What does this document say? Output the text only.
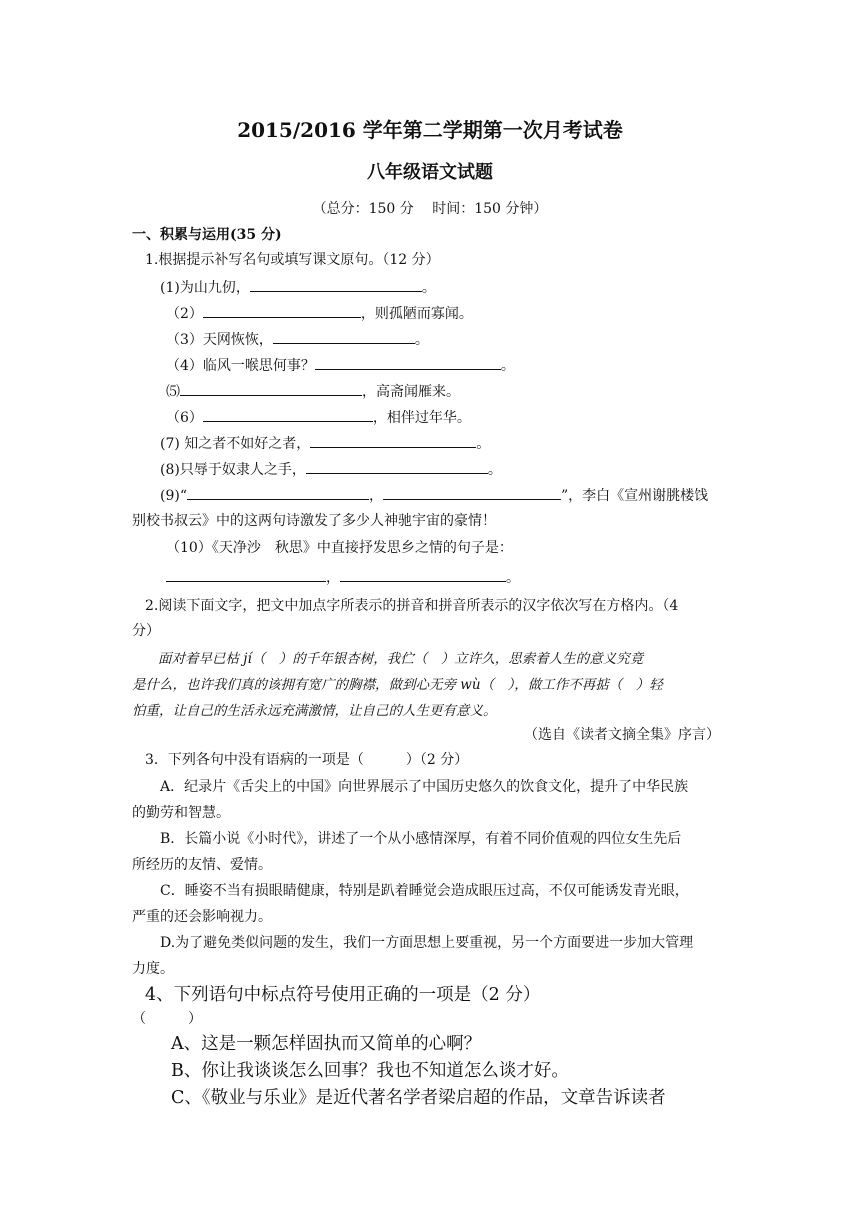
2015/2016 学年第二学期第一次月考试卷
八年级语文试题
（总分：150 分　 时间：150 分钟）
一、积累与运用(35 分)
1.根据提示补写名句或填写课文原句。（12 分）
(1)为山九仞，	。
（2）	，则孤陋而寡闻。
（3）天网恢恢，	。
（4）临风一喉思何事？	。
⑸	，高斋闻雁来。
（6）	，相伴过年华。
(7) 知之者不如好之者，	。
(8)只辱于奴隶人之手，	。
(9)“	，	”，李白《宣州谢朓楼饯
别校书叔云》中的这两句诗激发了多少人神驰宇宙的豪情！
（10）《天净沙　秋思》中直接抒发思乡之情的句子是：
，	。
2.阅读下面文字，把文中加点字所表示的拼音和拼音所表示的汉字依次写在方格内。（4
分）
面对着早已枯 jí（　）的千年银杏树，我伫（　）立许久，思索着人生的意义究竟
是什么，也许我们真的该拥有宽广的胸襟，做到心无旁 wù（　），做工作不再掂（　）轻
怕重，让自己的生活永远充满激情，让自己的人生更有意义。
（选自《读者文摘全集》序言）
3．下列各句中没有语病的一项是（　　　）（2 分）
A．纪录片《舌尖上的中国》向世界展示了中国历史悠久的饮食文化，提升了中华民族
的勤劳和智慧。
B．长篇小说《小时代》，讲述了一个从小感情深厚，有着不同价值观的四位女生先后
所经历的友情、爱情。
C．睡姿不当有损眼睛健康，特别是趴着睡觉会造成眼压过高，不仅可能诱发青光眼，
严重的还会影响视力。
D.为了避免类似问题的发生，我们一方面思想上要重视，另一个方面要进一步加大管理
力度。
4、下列语句中标点符号使用正确的一项是（2 分）
（　　　）
A、这是一颗怎样固执而又简单的心啊？
B、你让我谈谈怎么回事？我也不知道怎么谈才好。
C、《敬业与乐业》是近代著名学者梁启超的作品，文章告诉读者
